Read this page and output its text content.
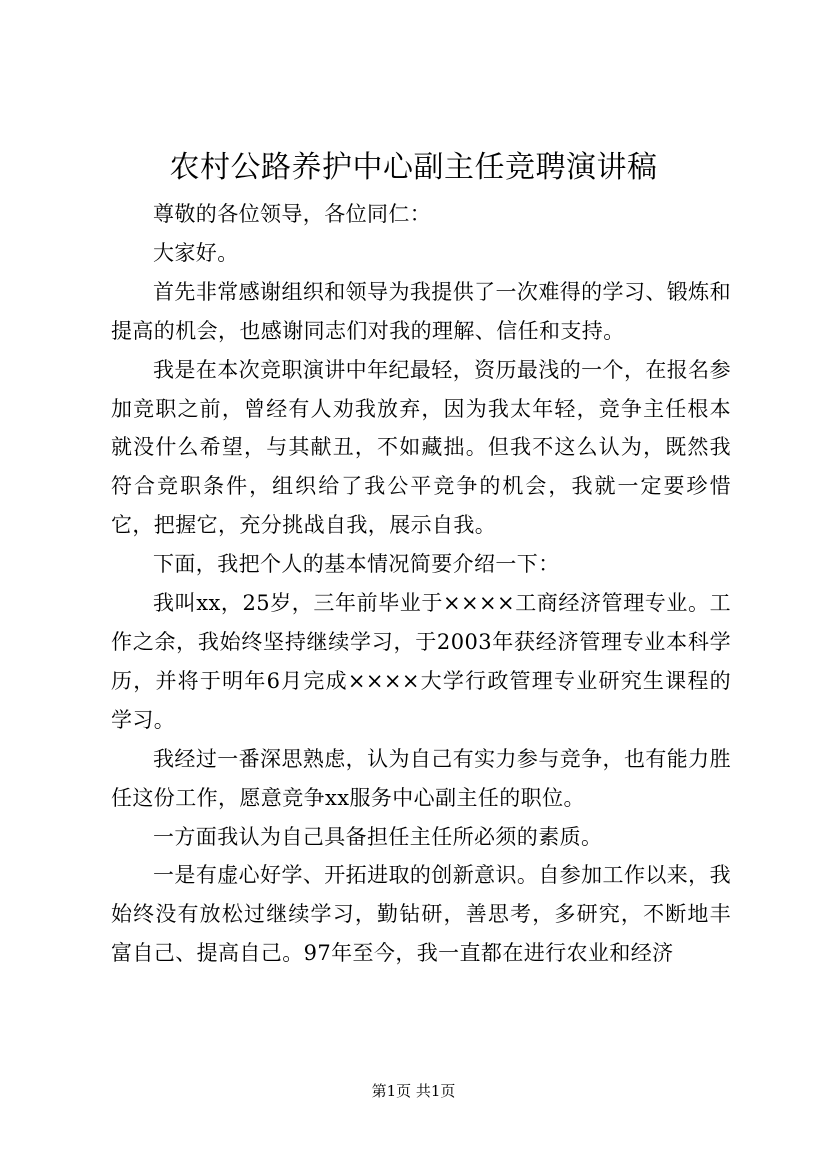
农村公路养护中心副主任竞聘演讲稿

尊敬的各位领导，各位同仁：

大家好。

首先非常感谢组织和领导为我提供了一次难得的学习、锻炼和提高的机会，也感谢同志们对我的理解、信任和支持。

我是在本次竞职演讲中年纪最轻，资历最浅的一个，在报名参加竞职之前，曾经有人劝我放弃，因为我太年轻，竞争主任根本就没什么希望，与其献丑，不如藏拙。但我不这么认为，既然我符合竞职条件，组织给了我公平竞争的机会，我就一定要珍惜它，把握它，充分挑战自我，展示自我。

下面，我把个人的基本情况简要介绍一下：

我叫xx，25岁，三年前毕业于××××工商经济管理专业。工作之余，我始终坚持继续学习，于2003年获经济管理专业本科学历，并将于明年6月完成××××大学行政管理专业研究生课程的学习。

我经过一番深思熟虑，认为自己有实力参与竞争，也有能力胜任这份工作，愿意竞争xx服务中心副主任的职位。

一方面我认为自己具备担任主任所必须的素质。

一是有虚心好学、开拓进取的创新意识。自参加工作以来，我始终没有放松过继续学习，勤钻研，善思考，多研究，不断地丰富自己、提高自己。97年至今，我一直都在进行农业和经济

第1页 共1页
